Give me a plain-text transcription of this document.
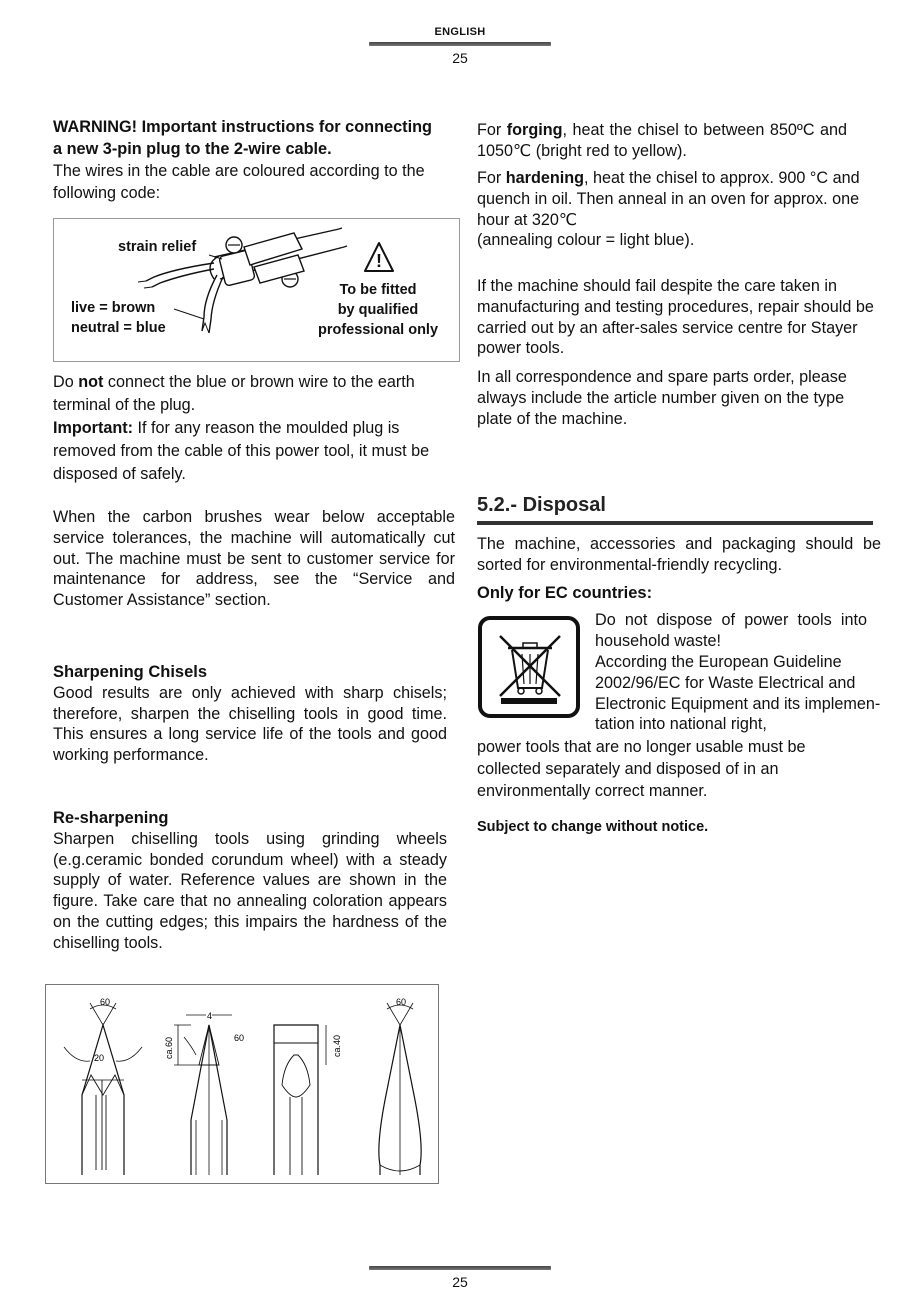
ENGLISH
25

WARNING! Important instructions for connecting a new 3-pin plug to the 2-wire cable.

The wires in the cable are coloured according to the following code:

!
strain relief
live = brown
neutral = blue
To be fitted
by qualified
professional only

Do not connect the blue or brown wire to the earth terminal of the plug.

Important: If for any reason the moulded plug is removed from the cable of this power tool, it must be disposed of safely.

When the carbon brushes wear below acceptable service tolerances, the machine will automatically cut out. The machine must be sent to customer service for maintenance for address, see the “Service and Customer Assistance” section.

Sharpening Chisels

Good results are only achieved with sharp chisels; therefore, sharpen the chiselling tools in good time. This ensures a long service life of the tools and good working performance.

Re-sharpening

Sharpen chiselling tools using grinding wheels (e.g.ceramic bonded corundum wheel) with a steady supply of water. Reference values are shown in the figure. Take care that no annealing coloration appears on the cutting edges; this impairs the hardness of the chiselling tools.

60
20
4
ca.60	60	ca.40
60

For forging, heat the chisel to between 850ºC and 1050℃ (bright red to yellow).

For hardening, heat the chisel to approx. 900 °C and quench in oil. Then anneal in an oven for approx. one hour at 320℃

(annealing colour = light blue).

If the machine should fail despite the care taken in manufacturing and testing procedures, repair should be carried out by an after-sales service centre for Stayer power tools.
In all correspondence and spare parts order, please always include the article number given on the type plate of the machine.
5.2.- Disposal
The machine, accessories and packaging should be sorted for environmental-friendly recycling.
Only for EC countries:

Do not dispose of power tools into household waste!

According the European Guideline 2002/96/EC for Waste Electrical and Electronic Equipment and its implemen-tation into national right,

power tools that are no longer usable must be collected separately and disposed of in an environmentally correct manner.
Subject to change without notice.
25
